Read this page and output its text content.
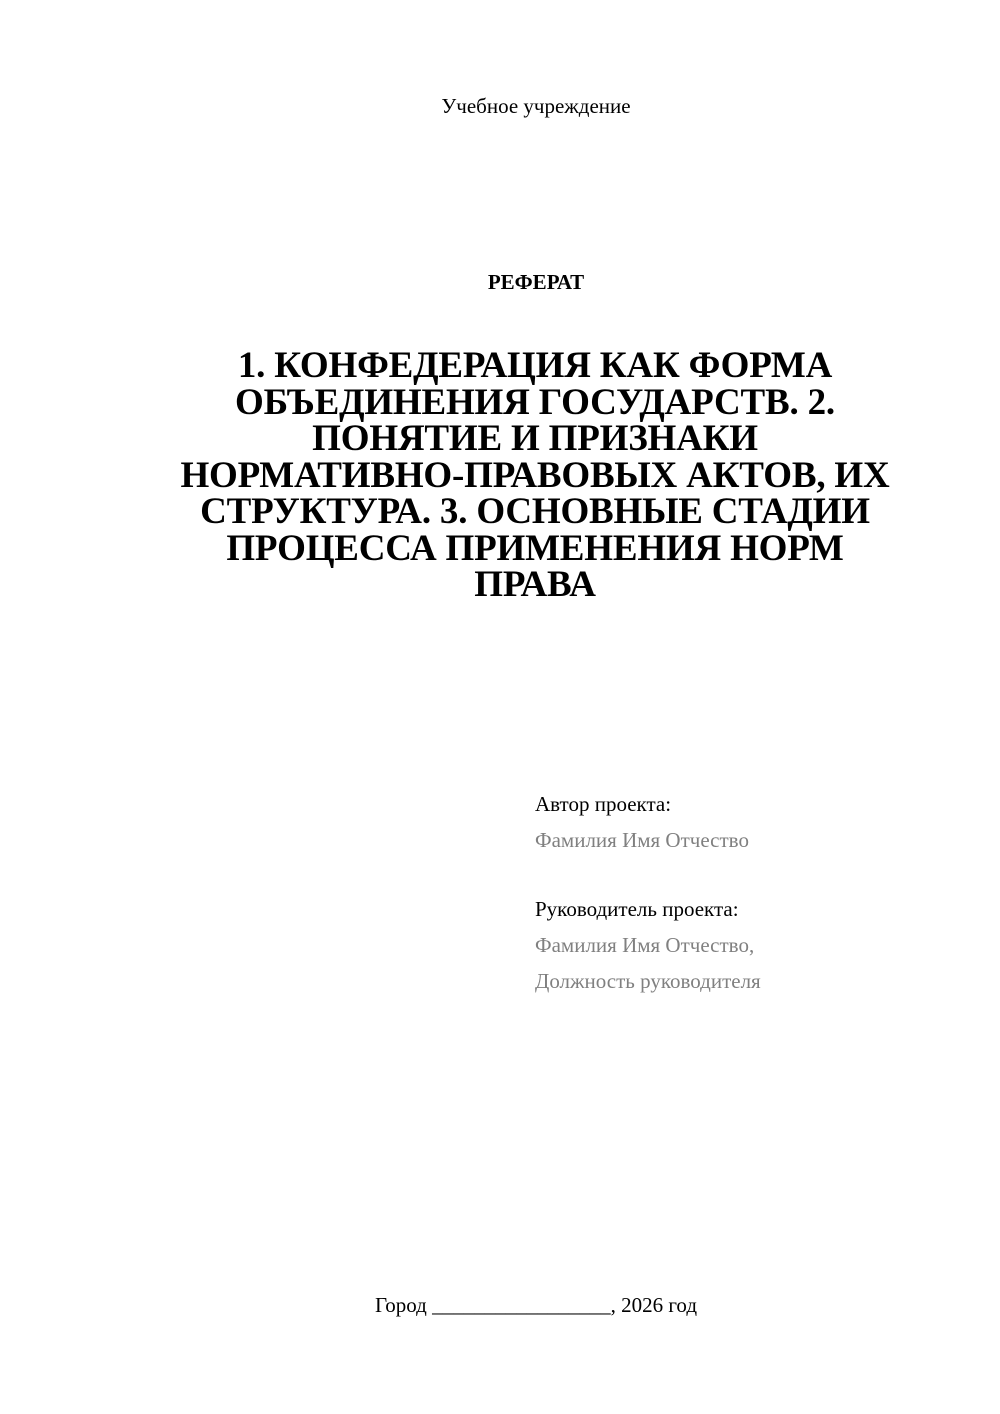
Учебное учреждение
РЕФЕРАТ
1. КОНФЕДЕРАЦИЯ КАК ФОРМА
ОБЪЕДИНЕНИЯ ГОСУДАРСТВ. 2.
ПОНЯТИЕ И ПРИЗНАКИ
НОРМАТИВНО-ПРАВОВЫХ АКТОВ, ИХ
СТРУКТУРА. 3. ОСНОВНЫЕ СТАДИИ
ПРОЦЕССА ПРИМЕНЕНИЯ НОРМ
ПРАВА
Автор проекта:
Фамилия Имя Отчество
Руководитель проекта:
Фамилия Имя Отчество,
Должность руководителя
Город _________________, 2026 год
